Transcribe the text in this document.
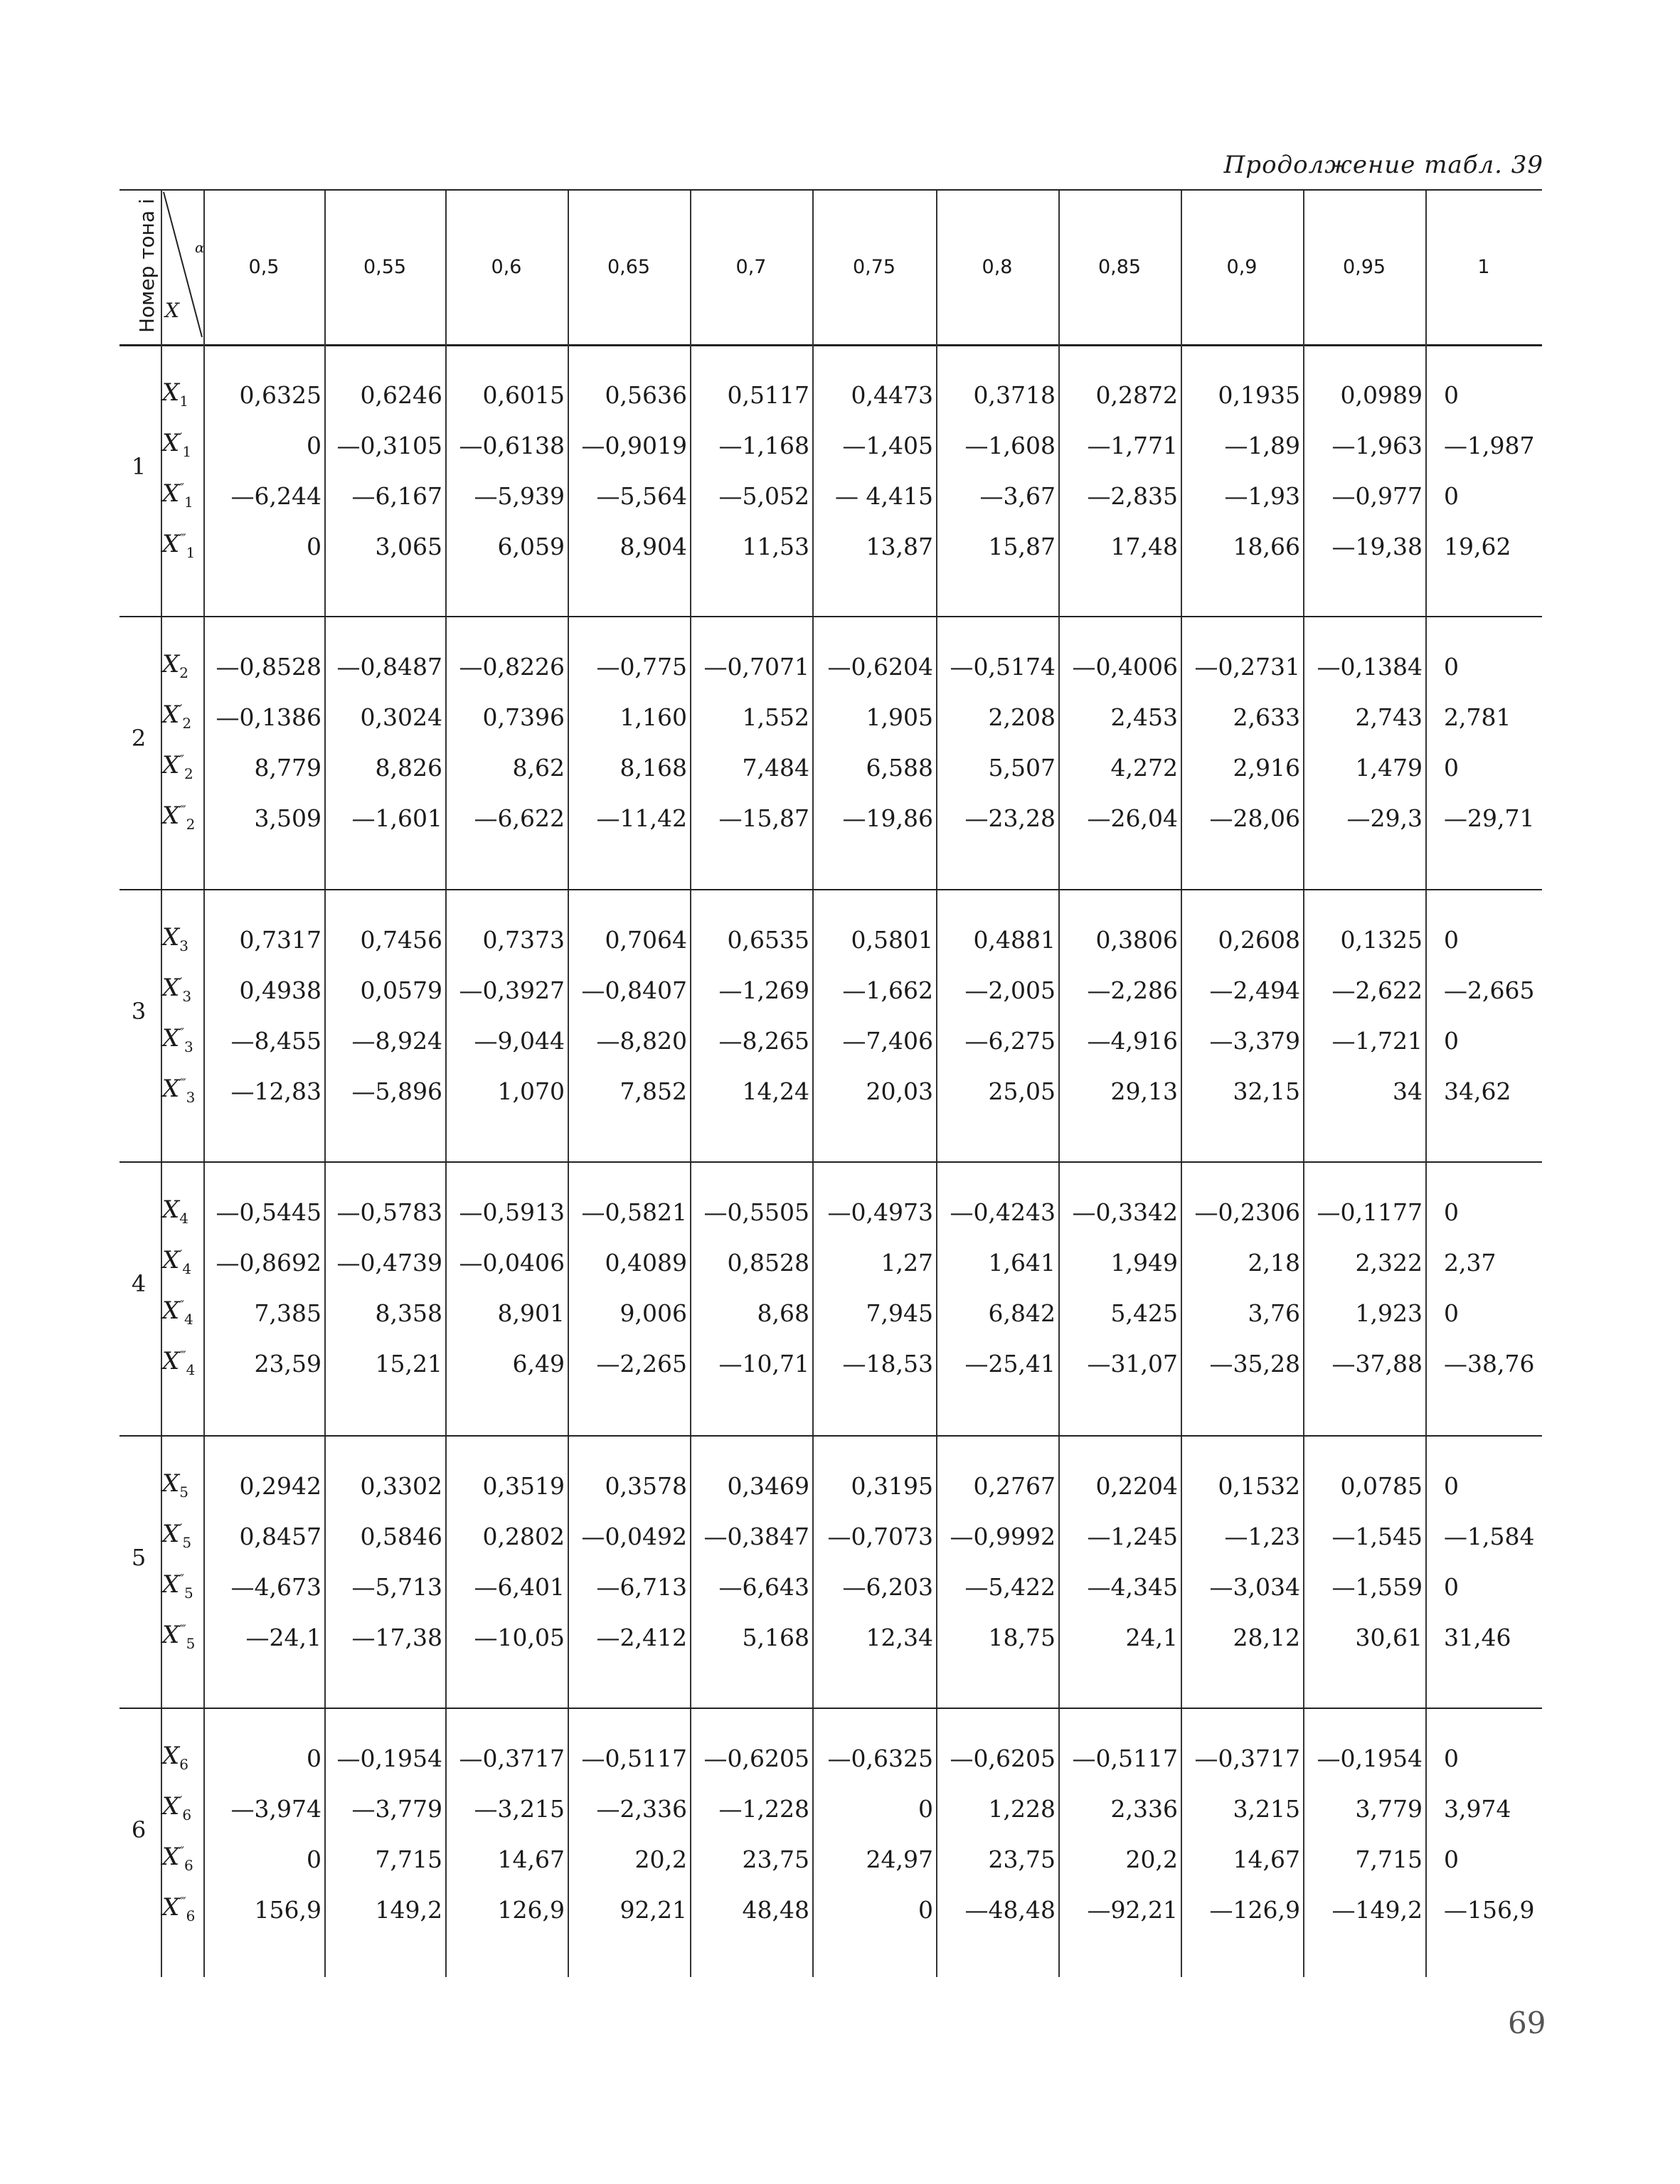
Продолжение табл. 39
Номер тона i X
α
0,5	0,55	0,6	0,65	0,7	0,75	0,8	0,85	0,9	0,95	1
1
$X_1$	0,6325	0,6246	0,6015	0,5636	0,5117	0,4473	0,3718	0,2872	0,1935	0,0989 0
$X'_1$	0 —0,3105 —0,6138 —0,9019	—1,168	—1,405	—1,608	—1,771	—1,89	—1,963 —1,987
$X''_1$	—6,244	—6,167	—5,939	—5,564	—5,052	— 4,415	—3,67	—2,835	—1,93	—0,977 0
$X^‴_1$	0	3,065	6,059	8,904	11,53	13,87	15,87	17,48	18,66	—19,38 19,62
2
$X_2$	—0,8528 —0,8487 —0,8226	—0,775 —0,7071 —0,6204 —0,5174 —0,4006 —0,2731 —0,1384 0
$X'_2$	—0,1386	0,3024	0,7396	1,160	1,552	1,905	2,208	2,453	2,633	2,743 2,781
$X''_2$	8,779	8,826	8,62	8,168	7,484	6,588	5,507	4,272	2,916	1,479 0
$X^‴_2$	3,509	—1,601	—6,622	—11,42	—15,87	—19,86	—23,28	—26,04	—28,06	—29,3 —29,71
3
$X_3$	0,7317	0,7456	0,7373	0,7064	0,6535	0,5801	0,4881	0,3806	0,2608	0,1325 0
$X'_3$	0,4938	0,0579 —0,3927 —0,8407	—1,269	—1,662	—2,005	—2,286	—2,494	—2,622 —2,665
$X''_3$	—8,455	—8,924	—9,044	—8,820	—8,265	—7,406	—6,275	—4,916	—3,379	—1,721 0
$X^‴_3$	—12,83	—5,896	1,070	7,852	14,24	20,03	25,05	29,13	32,15	34 34,62
4
$X_4$	—0,5445 —0,5783 —0,5913 —0,5821 —0,5505 —0,4973 —0,4243 —0,3342 —0,2306 —0,1177 0
$X'_4$	—0,8692 —0,4739 —0,0406	0,4089	0,8528	1,27	1,641	1,949	2,18	2,322 2,37
$X''_4$	7,385	8,358	8,901	9,006	8,68	7,945	6,842	5,425	3,76	1,923 0
$X^‴_4$	23,59	15,21	6,49	—2,265	—10,71	—18,53	—25,41	—31,07	—35,28	—37,88 —38,76
5
$X_5$	0,2942	0,3302	0,3519	0,3578	0,3469	0,3195	0,2767	0,2204	0,1532	0,0785 0
$X'_5$	0,8457	0,5846	0,2802 —0,0492 —0,3847 —0,7073 —0,9992	—1,245	—1,23	—1,545 —1,584
$X''_5$	—4,673	—5,713	—6,401	—6,713	—6,643	—6,203	—5,422	—4,345	—3,034	—1,559 0
$X^‴_5$	—24,1	—17,38	—10,05	—2,412	5,168	12,34	18,75	24,1	28,12	30,61 31,46
6
$X_6$	0 —0,1954 —0,3717 —0,5117 —0,6205 —0,6325 —0,6205 —0,5117 —0,3717 —0,1954 0
$X'_6$	—3,974	—3,779	—3,215	—2,336	—1,228	0	1,228	2,336	3,215	3,779 3,974
$X''_6$	0	7,715	14,67	20,2	23,75	24,97	23,75	20,2	14,67	7,715 0
$X^‴_6$	156,9	149,2	126,9	92,21	48,48	0	—48,48	—92,21	—126,9	—149,2 —156,9
69
